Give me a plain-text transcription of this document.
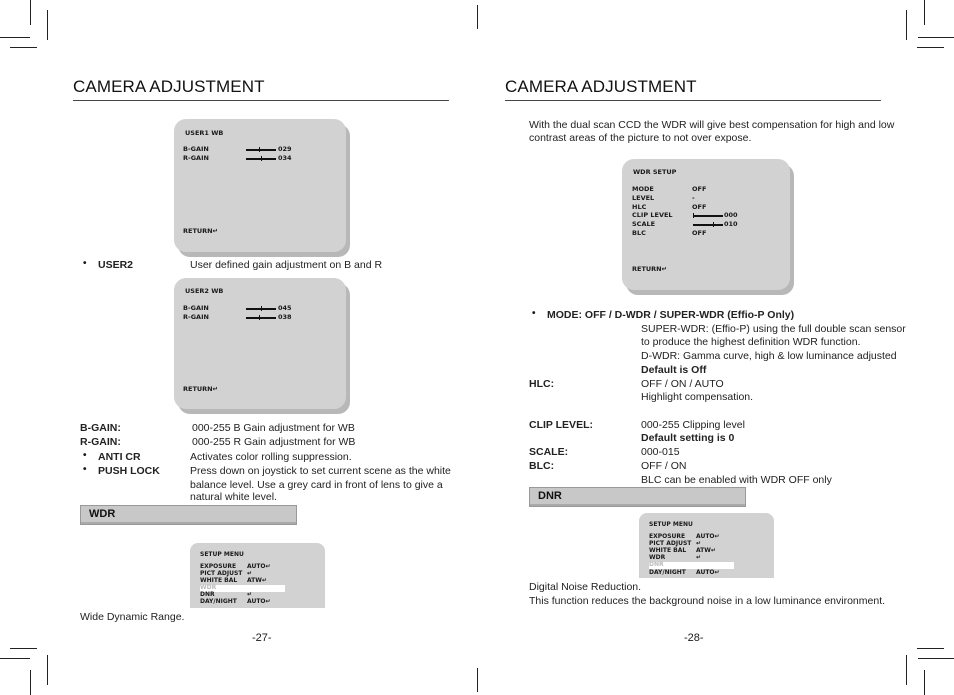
CAMERA ADJUSTMENT
USER1 WB
B-GAIN	029
R-GAIN	034
RETURN↵
• USER2	User defined gain adjustment on B and R
USER2 WB
B-GAIN	045
R-GAIN	038
RETURN↵
B-GAIN:	000-255 B Gain adjustment for WB
R-GAIN:	000-255 R Gain adjustment for WB
• ANTI CR	Activates color rolling suppression.
• PUSH LOCK	Press down on joystick to set current scene as the white
balance level. Use a grey card in front of lens to give a
natural white level.
WDR
SETUP MENU
EXPOSURE AUTO↵
PICT ADJUST ↵
WHITE BAL ATW↵
WDR
DNR	↵
DAY/NIGHT AUTO↵
Wide Dynamic Range.
-27-
CAMERA ADJUSTMENT
With the dual scan CCD the WDR will give best compensation for high and low
contrast areas of the picture to not over expose.
WDR SETUP
MODE	OFF
LEVEL	-
HLC	OFF
CLIP LEVEL	000
SCALE	010
BLC	OFF
RETURN↵
• MODE: OFF / D-WDR / SUPER-WDR (Effio-P Only)
SUPER-WDR: (Effio-P) using the full double scan sensor
to produce the highest definition WDR function.
D-WDR: Gamma curve, high & low luminance adjusted
Default is Off
HLC:	OFF / ON / AUTO
Highlight compensation.
CLIP LEVEL:	000-255 Clipping level
Default setting is 0
SCALE:	000-015
BLC:	OFF / ON
BLC can be enabled with WDR OFF only
DNR
SETUP MENU
EXPOSURE AUTO↵
PICT ADJUST ↵
WHITE BAL ATW↵
WDR	↵
DNR
DAY/NIGHT AUTO↵
Digital Noise Reduction.
This function reduces the background noise in a low luminance environment.
-28-
